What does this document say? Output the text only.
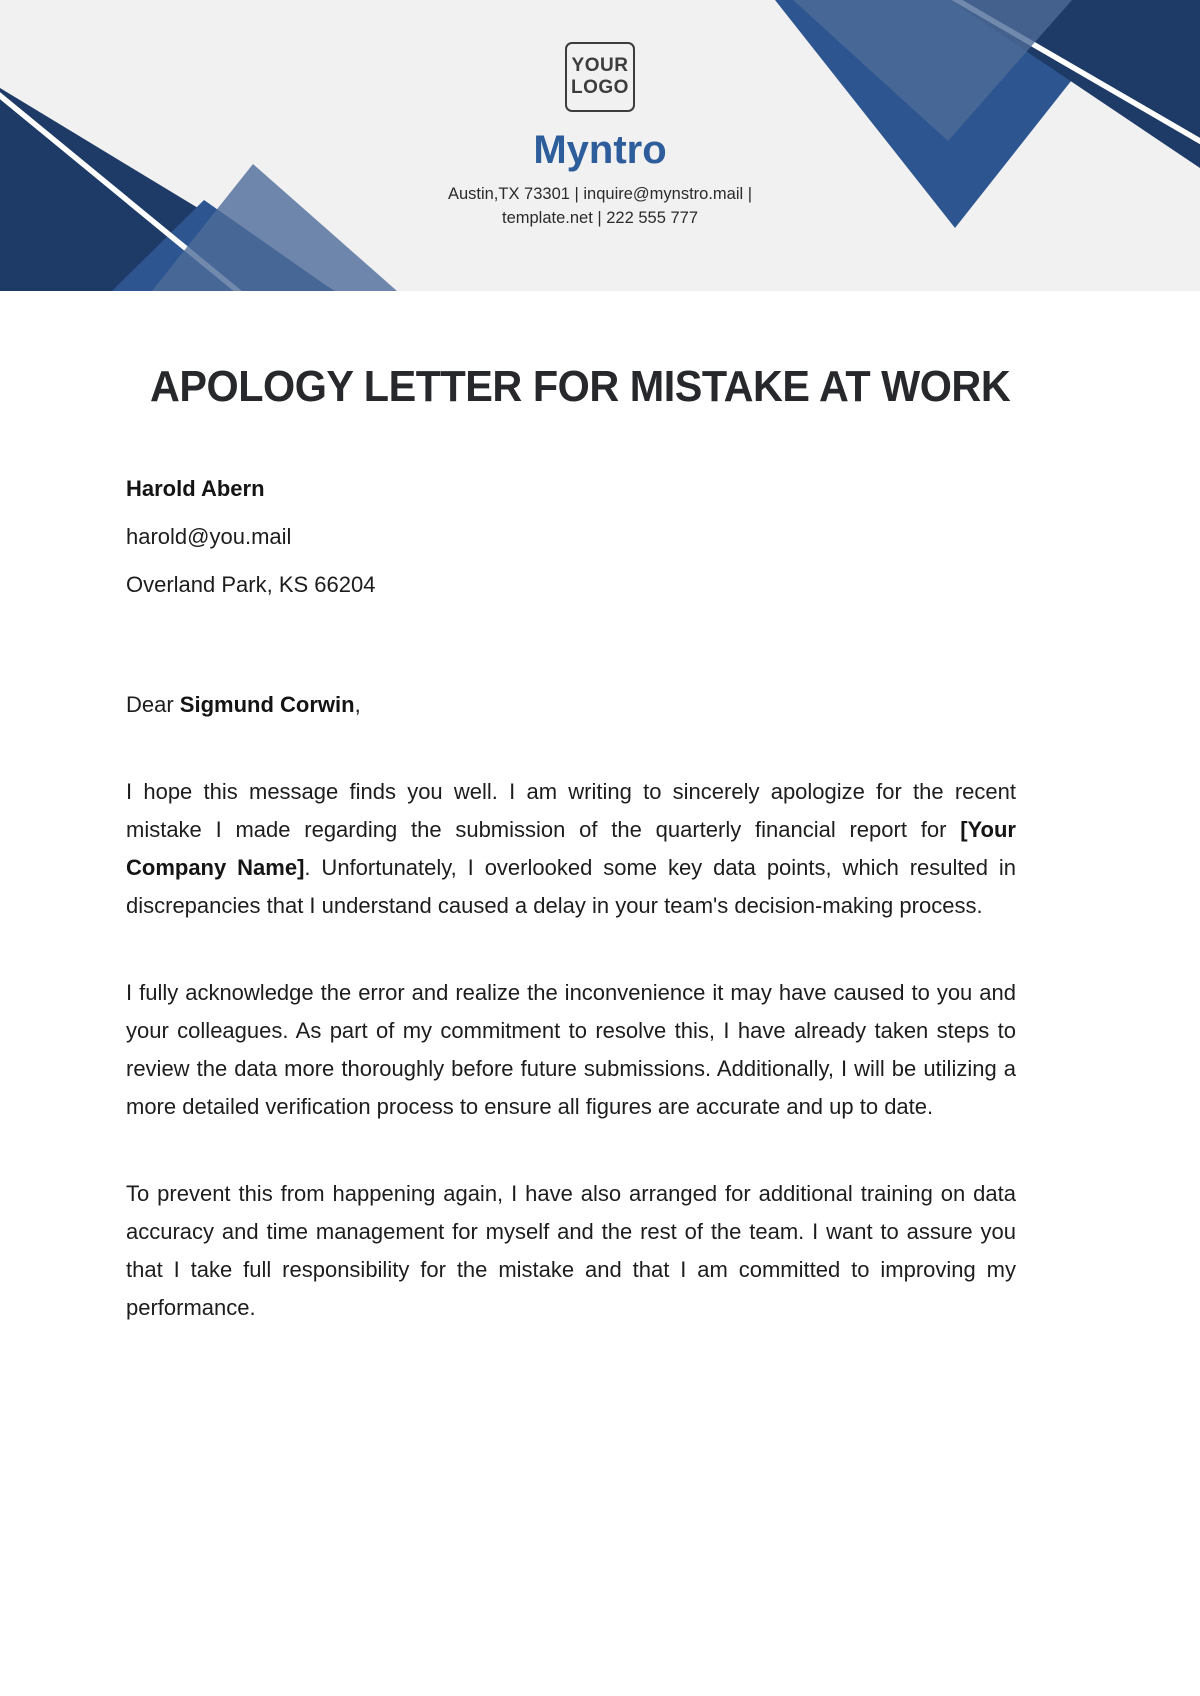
YOUR
LOGO
Myntro
Austin,TX 73301 | inquire@mynstro.mail |
template.net | 222 555 777
APOLOGY LETTER FOR MISTAKE AT WORK

Harold Abern

harold@you.mail

Overland Park, KS 66204

Dear Sigmund Corwin,

I hope this message finds you well. I am writing to sincerely apologize for the recent mistake I made regarding the submission of the quarterly financial report for [Your Company Name]. Unfortunately, I overlooked some key data points, which resulted in discrepancies that I understand caused a delay in your team's decision-making process.

I fully acknowledge the error and realize the inconvenience it may have caused to you and your colleagues. As part of my commitment to resolve this, I have already taken steps to review the data more thoroughly before future submissions. Additionally, I will be utilizing a more detailed verification process to ensure all figures are accurate and up to date.

To prevent this from happening again, I have also arranged for additional training on data accuracy and time management for myself and the rest of the team. I want to assure you that I take full responsibility for the mistake and that I am committed to improving my performance.
